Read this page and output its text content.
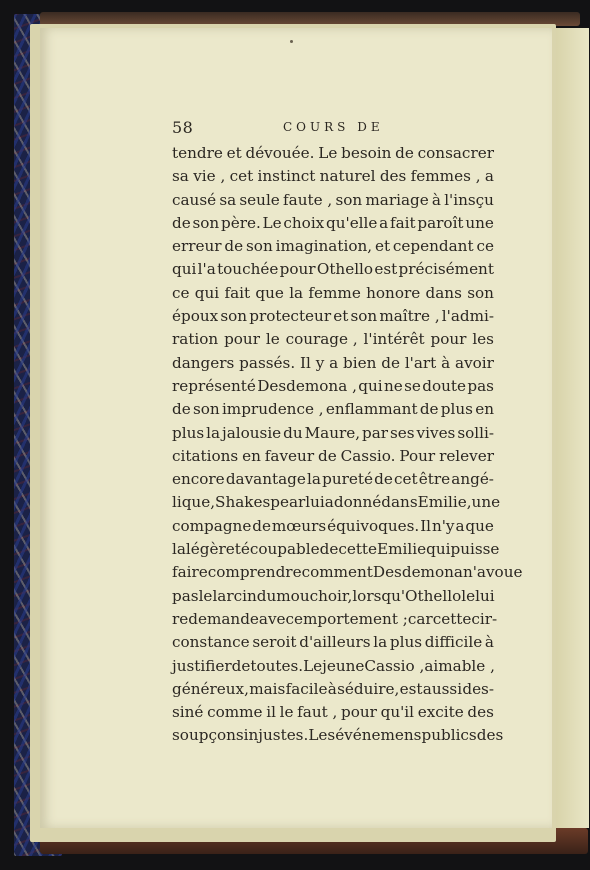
58	COURS DE
tendre et dévouée. Le besoin de consacrer
sa vie , cet instinct naturel des femmes , a
causé sa seule faute , son mariage à l'insçu
de son père. Le choix qu'elle a fait paroît une
erreur de son imagination, et cependant ce
qui l'a touchée pour Othello est précisément
ce qui fait que la femme honore dans son
époux son protecteur et son maître , l'admi-
ration pour le courage , l'intérêt pour les
dangers passés. Il y a bien de l'art à avoir
représenté Desdemona , qui ne se doute pas
de son imprudence , enflammant de plus en
plus la jalousie du Maure, par ses vives solli-
citations en faveur de Cassio. Pour relever
encore davantage la pureté de cet être angé-
lique, Shakespear lui a donné dans Emilie, une
compagne de mœurs équivoques. Il n'y a que
la légèreté coupable de cette Emilie qui puisse
faire comprendre comment Desdemona n'avoue
pas le larcin du mouchoir, lorsqu'Othello le lui
redemande avec emportement ; car cette cir-
constance seroit d'ailleurs la plus difficile à
justifier de toutes. Le jeune Cassio , aimable ,
généreux, mais facile à séduire, est aussi des-
siné comme il le faut , pour qu'il excite des
soupçons injustes. Les événemens publics des
